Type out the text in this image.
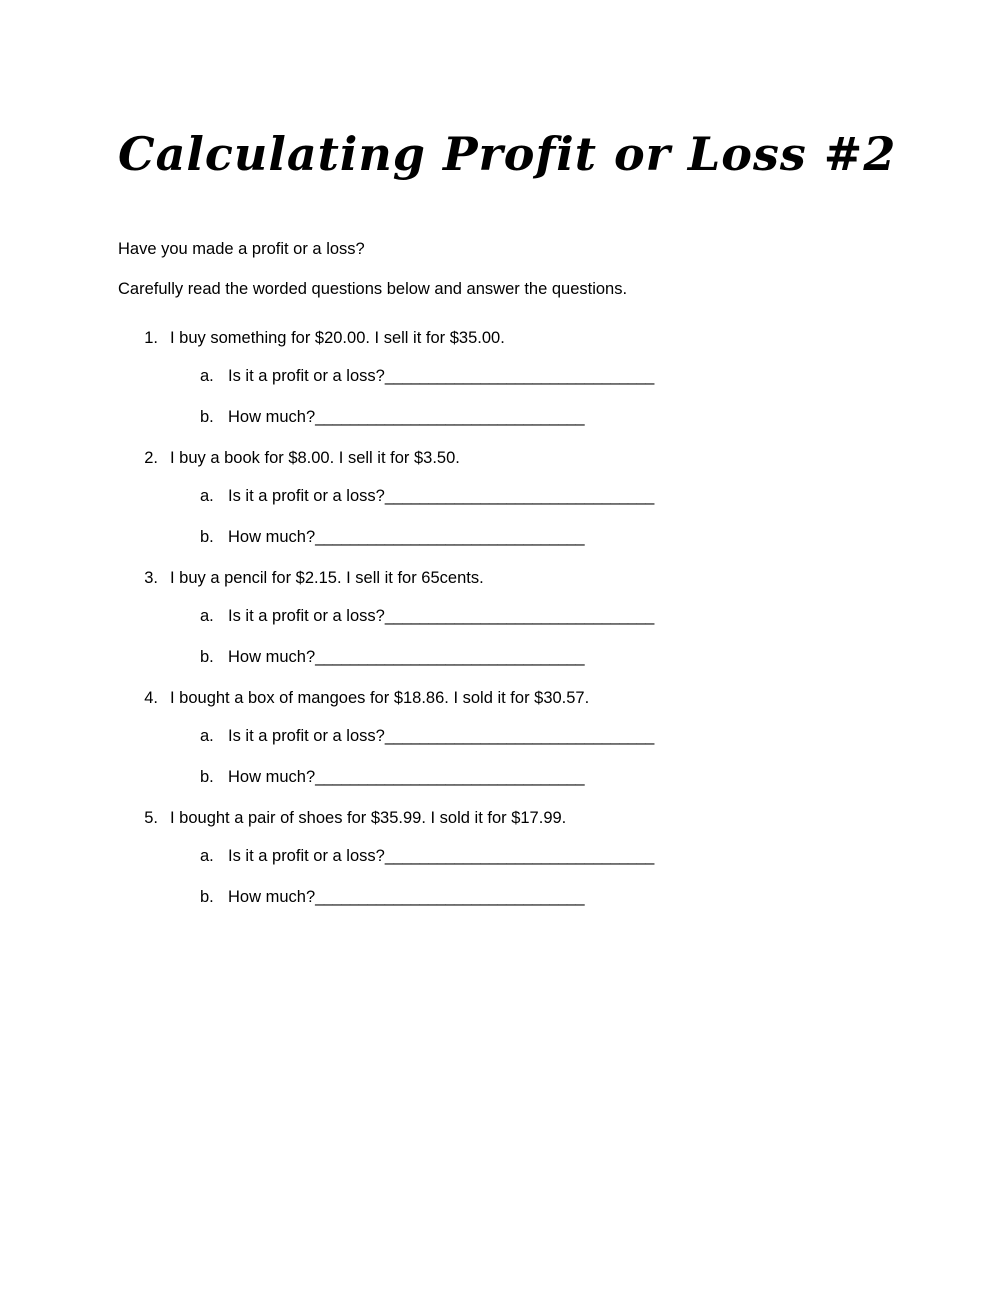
Calculating Profit or Loss #2

Have you made a profit or a loss?

Carefully read the worded questions below and answer the questions.

1. I buy something for $20.00. I sell it for $35.00.
a. Is it a profit or a loss? _______________________________
b. How much? _______________________________
2. I buy a book for $8.00. I sell it for $3.50.
a. Is it a profit or a loss? _______________________________
b. How much? _______________________________
3. I buy a pencil for $2.15. I sell it for 65cents.
a. Is it a profit or a loss? _______________________________
b. How much? _______________________________
4. I bought a box of mangoes for $18.86. I sold it for $30.57.
a. Is it a profit or a loss? _______________________________
b. How much? _______________________________
5. I bought a pair of shoes for $35.99. I sold it for $17.99.
a. Is it a profit or a loss? _______________________________
b. How much? _______________________________
